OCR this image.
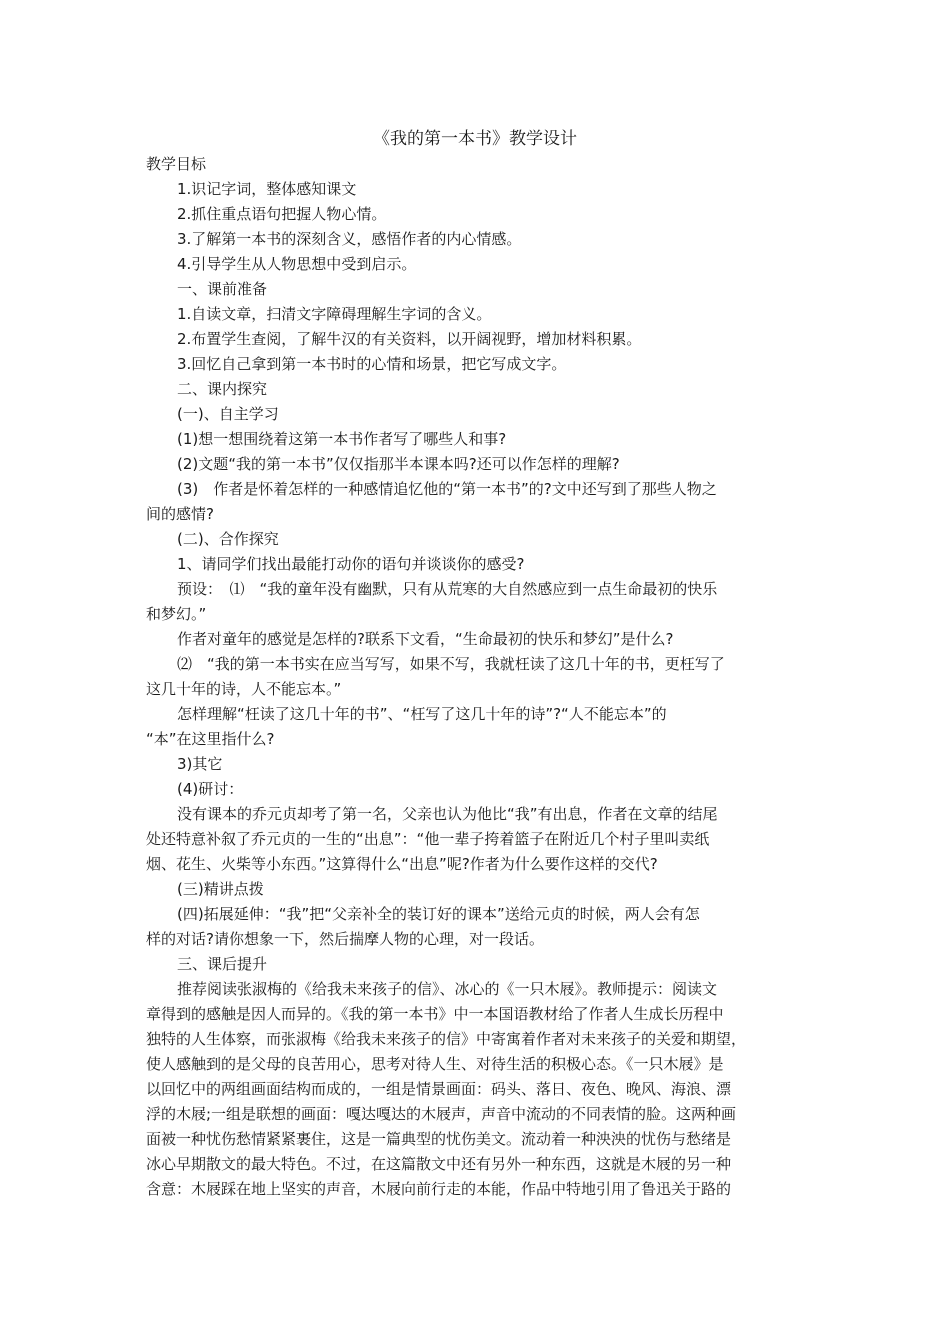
《我的第一本书》教学设计
教学目标
1.识记字词，整体感知课文
2.抓住重点语句把握人物心情。
3.了解第一本书的深刻含义，感悟作者的内心情感。
4.引导学生从人物思想中受到启示。
一、课前准备
1.自读文章，扫清文字障碍理解生字词的含义。
2.布置学生查阅，了解牛汉的有关资料，以开阔视野，增加材料积累。
3.回忆自己拿到第一本书时的心情和场景，把它写成文字。
二、课内探究
(一)、自主学习
(1)想一想围绕着这第一本书作者写了哪些人和事?
(2)文题“我的第一本书”仅仅指那半本课本吗?还可以作怎样的理解?
(3)　作者是怀着怎样的一种感情追忆他的“第一本书”的?文中还写到了那些人物之
间的感情?
(二)、合作探究
1、请同学们找出最能打动你的语句并谈谈你的感受?
预设：　⑴　“我的童年没有幽默，只有从荒寒的大自然感应到一点生命最初的快乐
和梦幻。”
作者对童年的感觉是怎样的?联系下文看，“生命最初的快乐和梦幻”是什么?
⑵　“我的第一本书实在应当写写，如果不写，我就枉读了这几十年的书，更枉写了
这几十年的诗，人不能忘本。”
怎样理解“枉读了这几十年的书”、“枉写了这几十年的诗”?“人不能忘本”的
“本”在这里指什么?
3)其它
(4)研讨：
没有课本的乔元贞却考了第一名，父亲也认为他比“我”有出息，作者在文章的结尾
处还特意补叙了乔元贞的一生的“出息”：“他一辈子挎着篮子在附近几个村子里叫卖纸
烟、花生、火柴等小东西。”这算得什么“出息”呢?作者为什么要作这样的交代?
(三)精讲点拨
(四)拓展延伸：“我”把“父亲补全的装订好的课本”送给元贞的时候，两人会有怎
样的对话?请你想象一下，然后揣摩人物的心理，对一段话。
三、课后提升
推荐阅读张淑梅的《给我未来孩子的信》、冰心的《一只木屐》。教师提示：阅读文
章得到的感触是因人而异的。《我的第一本书》中一本国语教材给了作者人生成长历程中
独特的人生体察，而张淑梅《给我未来孩子的信》中寄寓着作者对未来孩子的关爱和期望，
使人感触到的是父母的良苦用心，思考对待人生、对待生活的积极心态。《一只木屐》是
以回忆中的两组画面结构而成的，一组是情景画面：码头、落日、夜色、晚风、海浪、漂
浮的木屐;一组是联想的画面：嘎达嘎达的木屐声，声音中流动的不同表情的脸。这两种画
面被一种忧伤愁情紧紧裹住，这是一篇典型的忧伤美文。流动着一种泱泱的忧伤与愁绪是
冰心早期散文的最大特色。不过，在这篇散文中还有另外一种东西，这就是木屐的另一种
含意：木屐踩在地上坚实的声音，木屐向前行走的本能，作品中特地引用了鲁迅关于路的
